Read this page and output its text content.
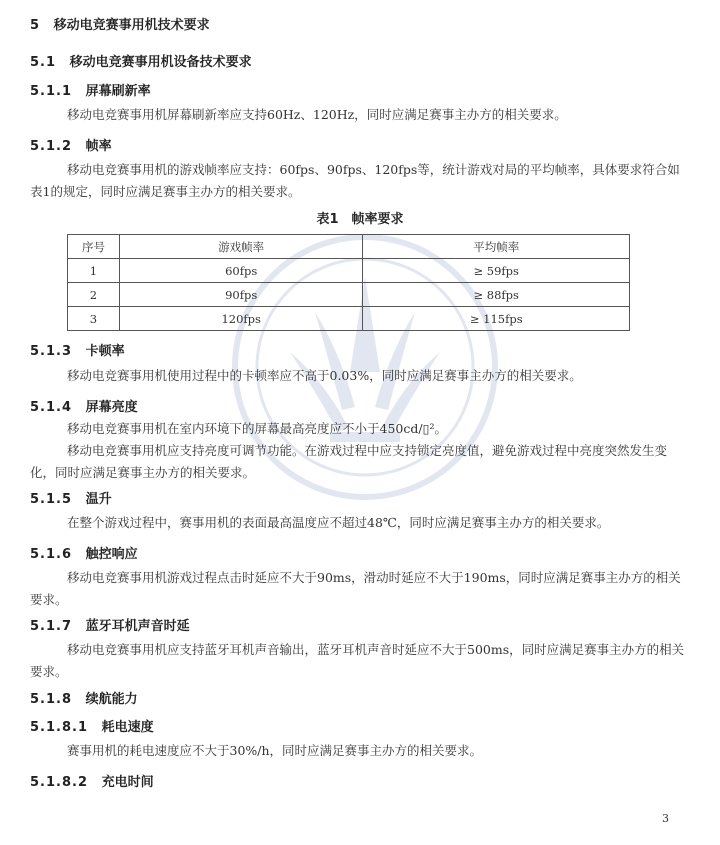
5 移动电竞赛事用机技术要求
5.1 移动电竞赛事用机设备技术要求
5.1.1 屏幕刷新率
移动电竞赛事用机屏幕刷新率应支持60Hz、120Hz，同时应满足赛事主办方的相关要求。
5.1.2 帧率
移动电竞赛事用机的游戏帧率应支持：60fps、90fps、120fps等，统计游戏对局的平均帧率，具体要求符合如表1的规定，同时应满足赛事主办方的相关要求。
表1　帧率要求
序号	游戏帧率	平均帧率
1	60fps	≥ 59fps
2	90fps	≥ 88fps
3	120fps	≥ 115fps
5.1.3 卡顿率
移动电竞赛事用机使用过程中的卡顿率应不高于0.03%，同时应满足赛事主办方的相关要求。
5.1.4 屏幕亮度
移动电竞赛事用机在室内环境下的屏幕最高亮度应不小于450cd/▯²。
移动电竞赛事用机应支持亮度可调节功能。在游戏过程中应支持锁定亮度值，避免游戏过程中亮度突然发生变化，同时应满足赛事主办方的相关要求。
5.1.5 温升
在整个游戏过程中，赛事用机的表面最高温度应不超过48℃，同时应满足赛事主办方的相关要求。
5.1.6 触控响应
移动电竞赛事用机游戏过程点击时延应不大于90ms，滑动时延应不大于190ms，同时应满足赛事主办方的相关要求。
5.1.7 蓝牙耳机声音时延
移动电竞赛事用机应支持蓝牙耳机声音输出，蓝牙耳机声音时延应不大于500ms，同时应满足赛事主办方的相关要求。
5.1.8 续航能力
5.1.8.1 耗电速度
赛事用机的耗电速度应不大于30%/h，同时应满足赛事主办方的相关要求。
5.1.8.2 充电时间
3
